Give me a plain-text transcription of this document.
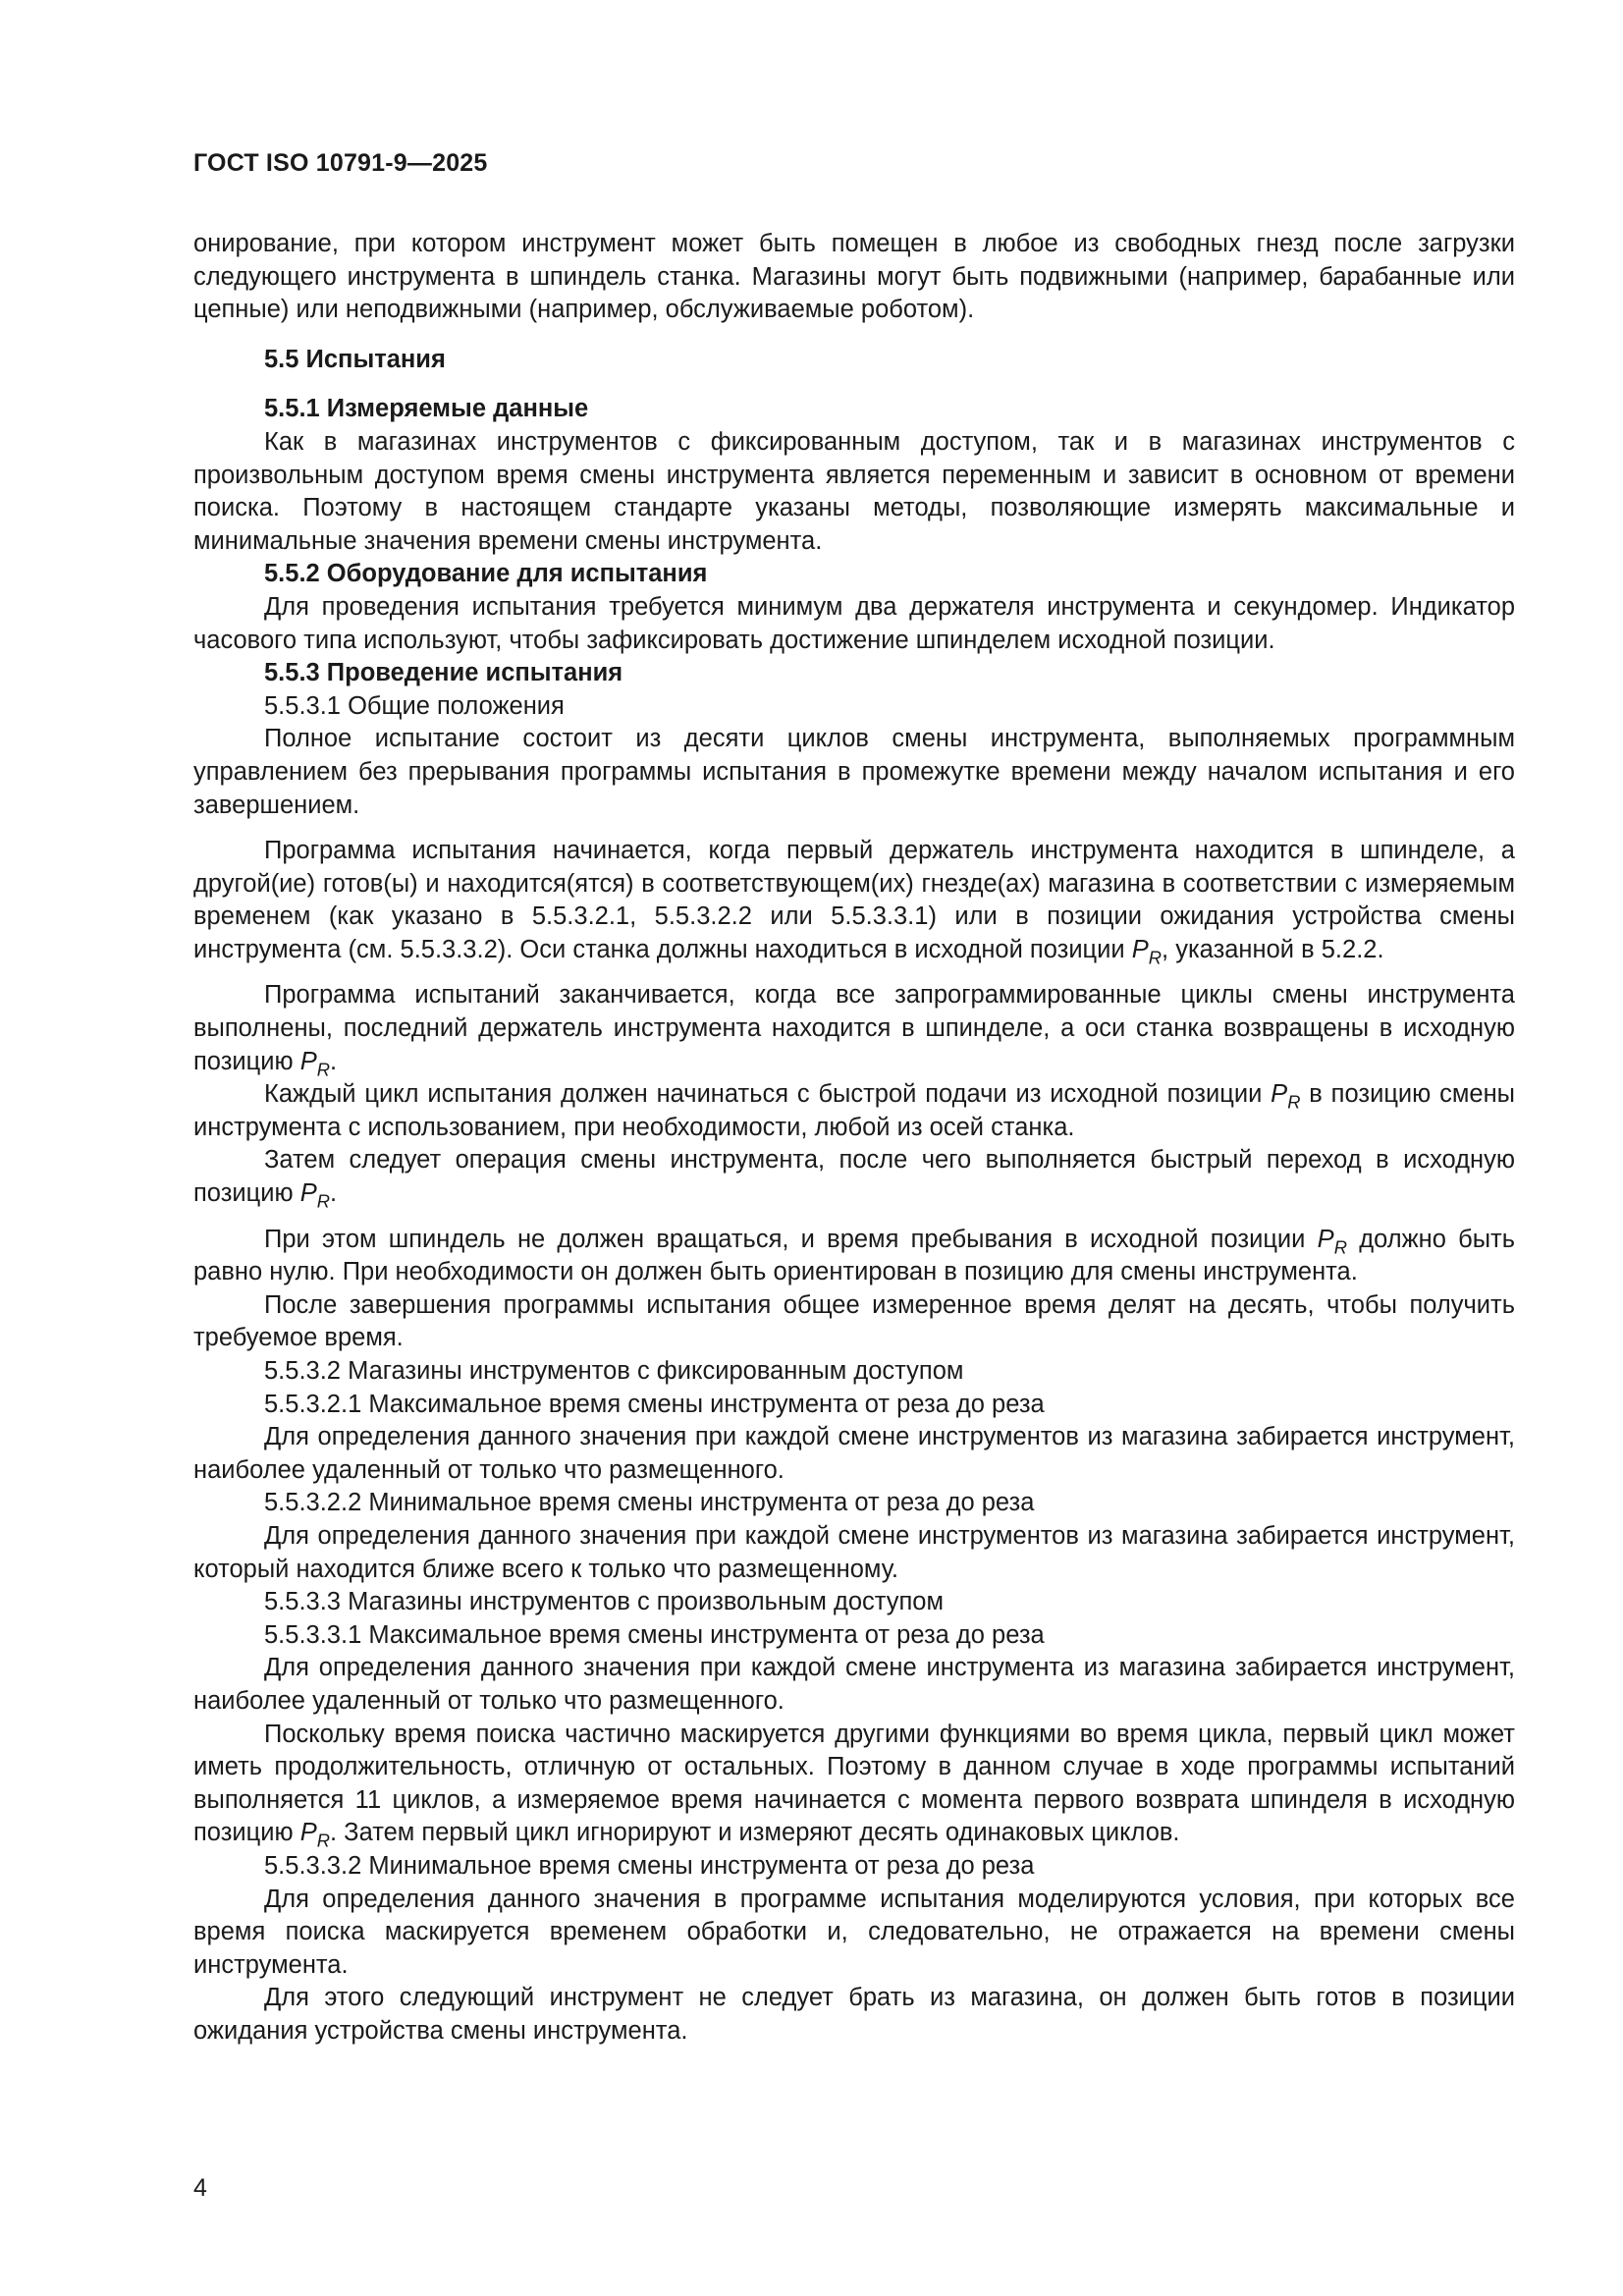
ГОСТ ISO 10791-9—2025

онирование, при котором инструмент может быть помещен в любое из свободных гнезд после загрузки следующего инструмента в шпиндель станка. Магазины могут быть подвижными (например, барабанные или цепные) или неподвижными (например, обслуживаемые роботом).

5.5 Испытания

5.5.1 Измеряемые данные

Как в магазинах инструментов с фиксированным доступом, так и в магазинах инструментов с произвольным доступом время смены инструмента является переменным и зависит в основном от времени поиска. Поэтому в настоящем стандарте указаны методы, позволяющие измерять максимальные и минимальные значения времени смены инструмента.

5.5.2 Оборудование для испытания

Для проведения испытания требуется минимум два держателя инструмента и секундомер. Индикатор часового типа используют, чтобы зафиксировать достижение шпинделем исходной позиции.

5.5.3 Проведение испытания

5.5.3.1 Общие положения

Полное испытание состоит из десяти циклов смены инструмента, выполняемых программным управлением без прерывания программы испытания в промежутке времени между началом испытания и его завершением.

Программа испытания начинается, когда первый держатель инструмента находится в шпинделе, а другой(ие) готов(ы) и находится(ятся) в соответствующем(их) гнезде(ах) магазина в соответствии с измеряемым временем (как указано в 5.5.3.2.1, 5.5.3.2.2 или 5.5.3.3.1) или в позиции ожидания устройства смены инструмента (см. 5.5.3.3.2). Оси станка должны находиться в исходной позиции $P_R$, указанной в 5.2.2.

Программа испытаний заканчивается, когда все запрограммированные циклы смены инструмента выполнены, последний держатель инструмента находится в шпинделе, а оси станка возвращены в исходную позицию $P_R$.

Каждый цикл испытания должен начинаться с быстрой подачи из исходной позиции $P_R$ в позицию смены инструмента с использованием, при необходимости, любой из осей станка.

Затем следует операция смены инструмента, после чего выполняется быстрый переход в исходную позицию $P_R$.

При этом шпиндель не должен вращаться, и время пребывания в исходной позиции $P_R$ должно быть равно нулю. При необходимости он должен быть ориентирован в позицию для смены инструмента.

После завершения программы испытания общее измеренное время делят на десять, чтобы получить требуемое время.

5.5.3.2 Магазины инструментов с фиксированным доступом

5.5.3.2.1 Максимальное время смены инструмента от реза до реза

Для определения данного значения при каждой смене инструментов из магазина забирается инструмент, наиболее удаленный от только что размещенного.

5.5.3.2.2 Минимальное время смены инструмента от реза до реза

Для определения данного значения при каждой смене инструментов из магазина забирается инструмент, который находится ближе всего к только что размещенному.

5.5.3.3 Магазины инструментов с произвольным доступом

5.5.3.3.1 Максимальное время смены инструмента от реза до реза

Для определения данного значения при каждой смене инструмента из магазина забирается инструмент, наиболее удаленный от только что размещенного.

Поскольку время поиска частично маскируется другими функциями во время цикла, первый цикл может иметь продолжительность, отличную от остальных. Поэтому в данном случае в ходе программы испытаний выполняется 11 циклов, а измеряемое время начинается с момента первого возврата шпинделя в исходную позицию $P_R$. Затем первый цикл игнорируют и измеряют десять одинаковых циклов.

5.5.3.3.2 Минимальное время смены инструмента от реза до реза

Для определения данного значения в программе испытания моделируются условия, при которых все время поиска маскируется временем обработки и, следовательно, не отражается на времени смены инструмента.

Для этого следующий инструмент не следует брать из магазина, он должен быть готов в позиции ожидания устройства смены инструмента.

4
